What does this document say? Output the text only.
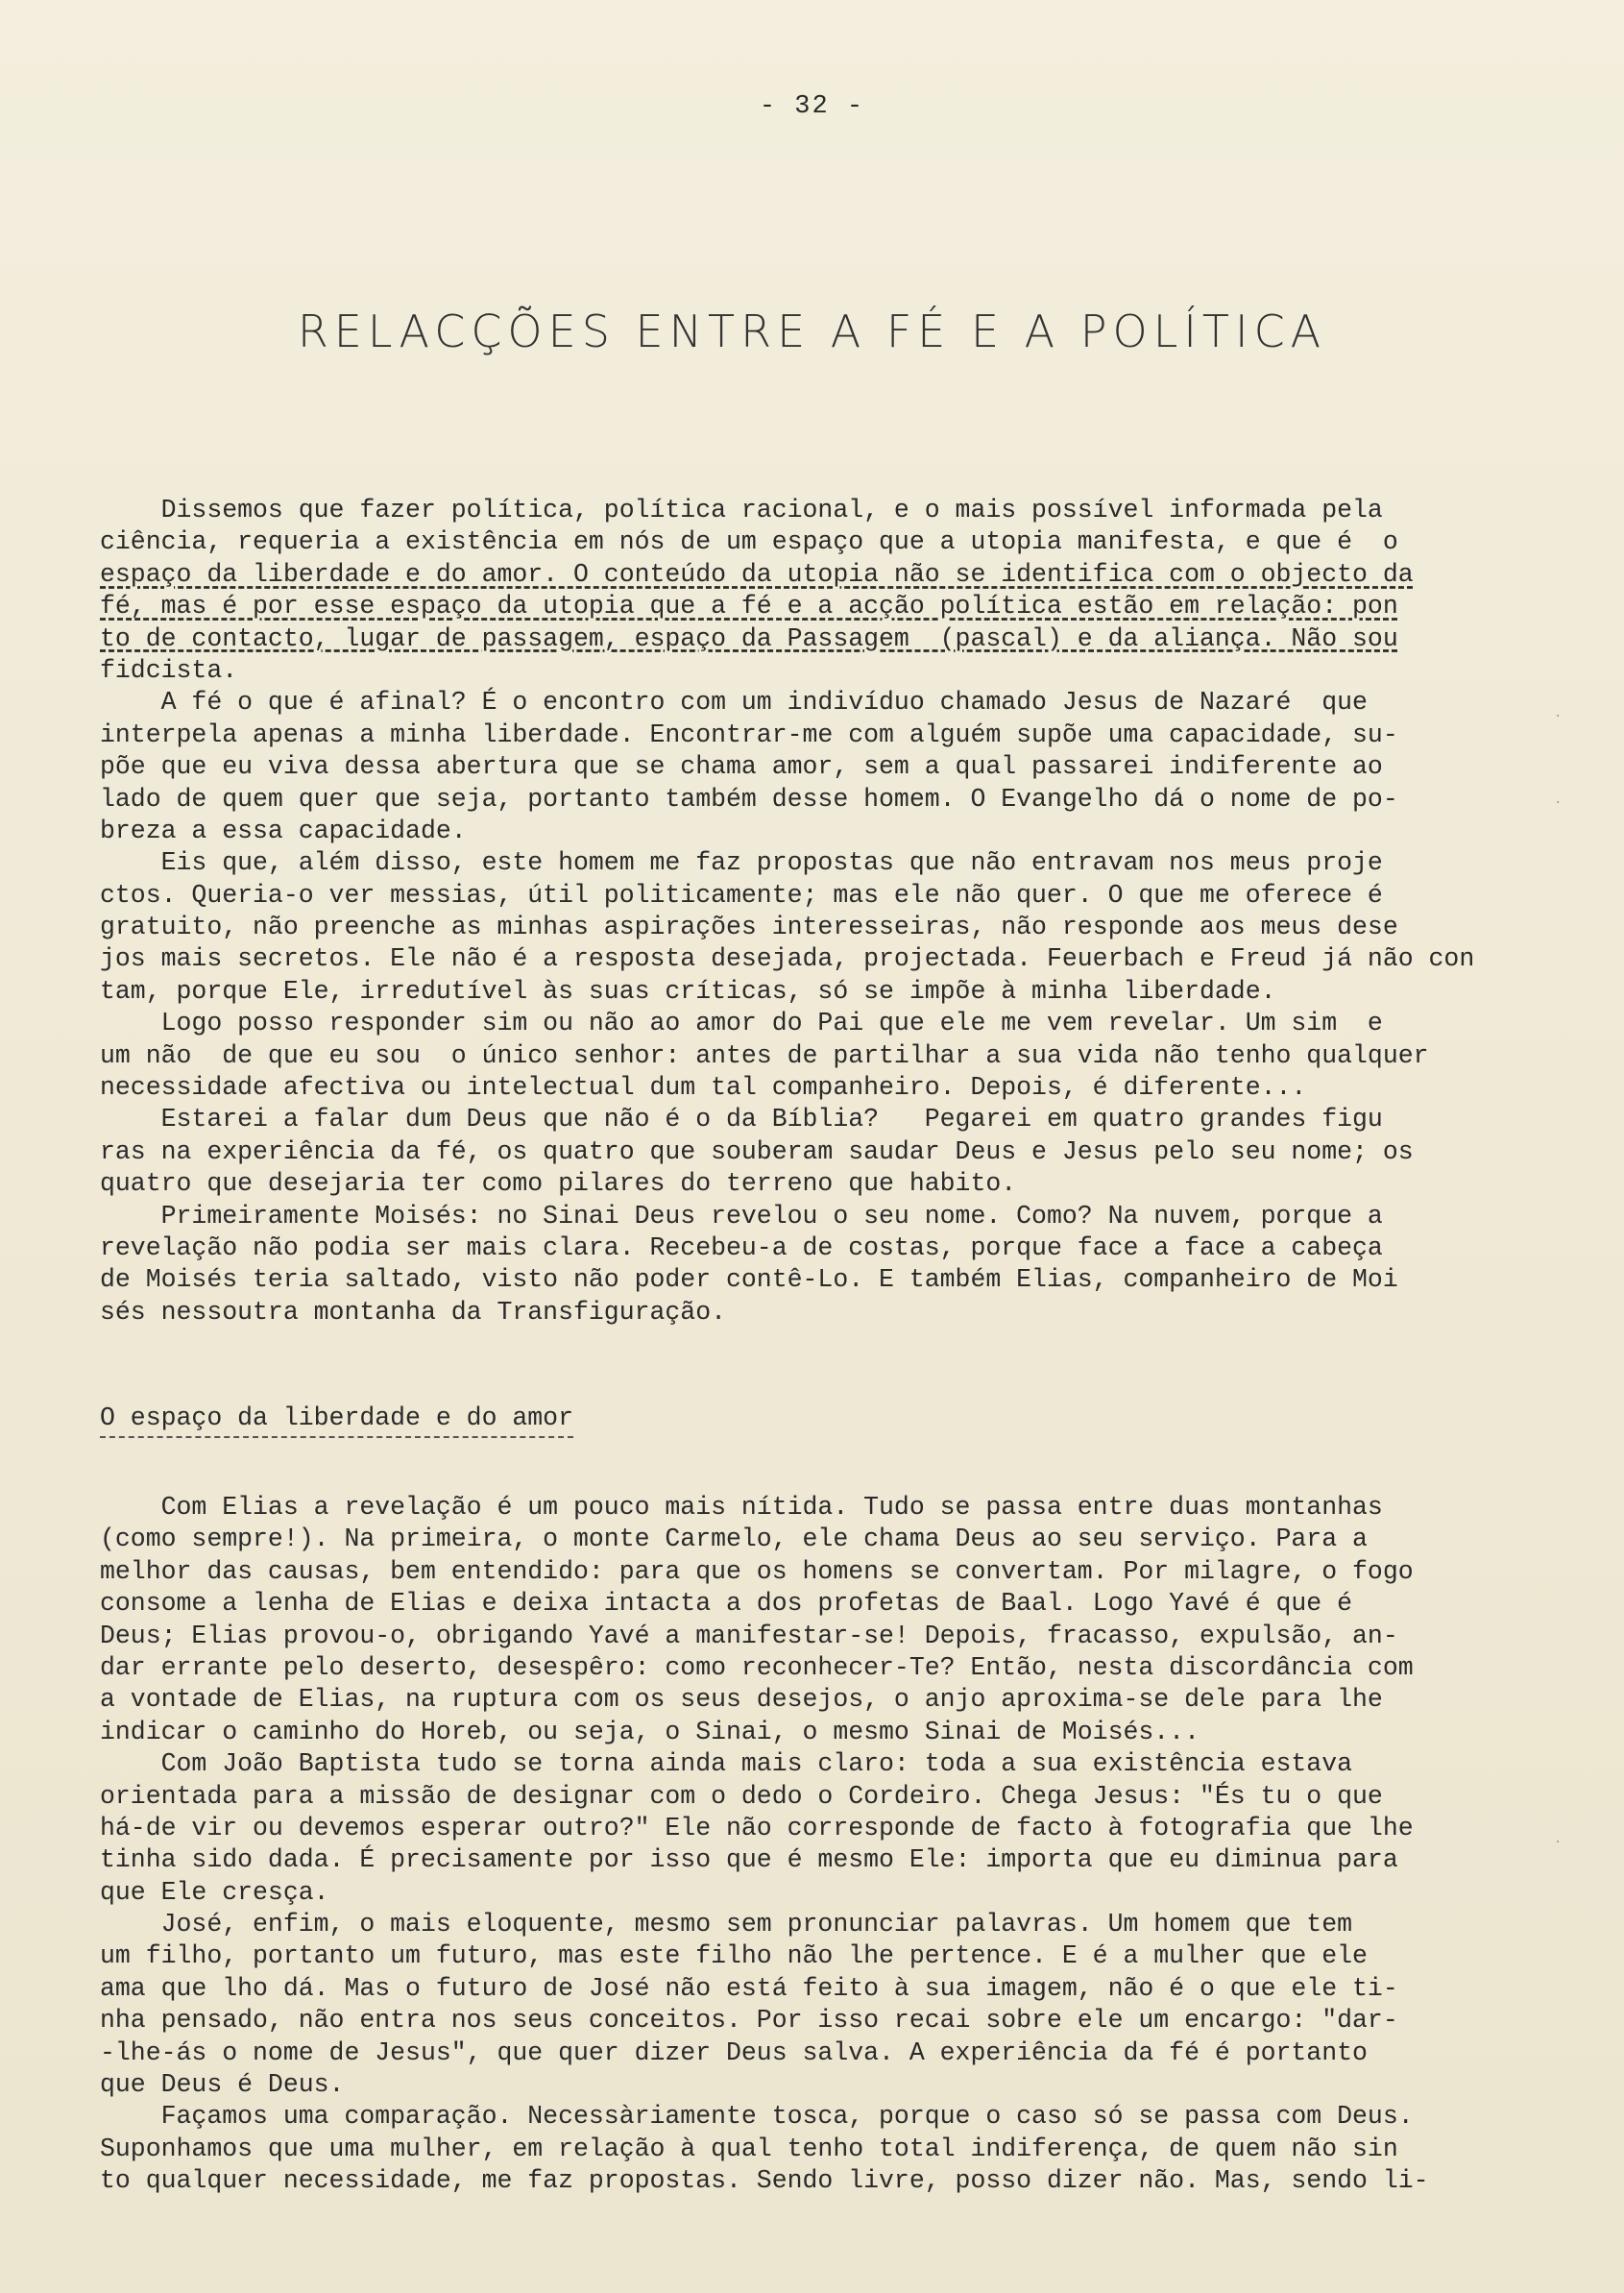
- 32 -
RELACÇÕES ENTRE A FÉ E A POLÍTICA
Dissemos que fazer política, política racional, e o mais possível informada pela
ciência, requeria a existência em nós de um espaço que a utopia manifesta, e que é  o
espaço da liberdade e do amor. O conteúdo da utopia não se identifica com o objecto da
fé, mas é por esse espaço da utopia que a fé e a acção política estão em relação: pon
to de contacto, lugar de passagem, espaço da Passagem  (pascal) e da aliança. Não sou
fidcista.
A fé o que é afinal? É o encontro com um indivíduo chamado Jesus de Nazaré  que
interpela apenas a minha liberdade. Encontrar-me com alguém supõe uma capacidade, su-
põe que eu viva dessa abertura que se chama amor, sem a qual passarei indiferente ao
lado de quem quer que seja, portanto também desse homem. O Evangelho dá o nome de po-
breza a essa capacidade.
Eis que, além disso, este homem me faz propostas que não entravam nos meus proje
ctos. Queria-o ver messias, útil politicamente; mas ele não quer. O que me oferece é
gratuito, não preenche as minhas aspirações interesseiras, não responde aos meus dese
jos mais secretos. Ele não é a resposta desejada, projectada. Feuerbach e Freud já não con
tam, porque Ele, irredutível às suas críticas, só se impõe à minha liberdade.
Logo posso responder sim ou não ao amor do Pai que ele me vem revelar. Um sim  e
um não  de que eu sou  o único senhor: antes de partilhar a sua vida não tenho qualquer
necessidade afectiva ou intelectual dum tal companheiro. Depois, é diferente...
Estarei a falar dum Deus que não é o da Bíblia?   Pegarei em quatro grandes figu
ras na experiência da fé, os quatro que souberam saudar Deus e Jesus pelo seu nome; os
quatro que desejaria ter como pilares do terreno que habito.
Primeiramente Moisés: no Sinai Deus revelou o seu nome. Como? Na nuvem, porque a
revelação não podia ser mais clara. Recebeu-a de costas, porque face a face a cabeça
de Moisés teria saltado, visto não poder contê-Lo. E também Elias, companheiro de Moi
sés nessoutra montanha da Transfiguração.
O espaço da liberdade e do amor
Com Elias a revelação é um pouco mais nítida. Tudo se passa entre duas montanhas
(como sempre!). Na primeira, o monte Carmelo, ele chama Deus ao seu serviço. Para a
melhor das causas, bem entendido: para que os homens se convertam. Por milagre, o fogo
consome a lenha de Elias e deixa intacta a dos profetas de Baal. Logo Yavé é que é
Deus; Elias provou-o, obrigando Yavé a manifestar-se! Depois, fracasso, expulsão, an-
dar errante pelo deserto, desespêro: como reconhecer-Te? Então, nesta discordância com
a vontade de Elias, na ruptura com os seus desejos, o anjo aproxima-se dele para lhe
indicar o caminho do Horeb, ou seja, o Sinai, o mesmo Sinai de Moisés...
Com João Baptista tudo se torna ainda mais claro: toda a sua existência estava
orientada para a missão de designar com o dedo o Cordeiro. Chega Jesus: "És tu o que
há-de vir ou devemos esperar outro?" Ele não corresponde de facto à fotografia que lhe
tinha sido dada. É precisamente por isso que é mesmo Ele: importa que eu diminua para
que Ele cresça.
José, enfim, o mais eloquente, mesmo sem pronunciar palavras. Um homem que tem
um filho, portanto um futuro, mas este filho não lhe pertence. E é a mulher que ele
ama que lho dá. Mas o futuro de José não está feito à sua imagem, não é o que ele ti-
nha pensado, não entra nos seus conceitos. Por isso recai sobre ele um encargo: "dar-
-lhe-ás o nome de Jesus", que quer dizer Deus salva. A experiência da fé é portanto
que Deus é Deus.
Façamos uma comparação. Necessàriamente tosca, porque o caso só se passa com Deus.
Suponhamos que uma mulher, em relação à qual tenho total indiferença, de quem não sin
to qualquer necessidade, me faz propostas. Sendo livre, posso dizer não. Mas, sendo li-
·
·
·
